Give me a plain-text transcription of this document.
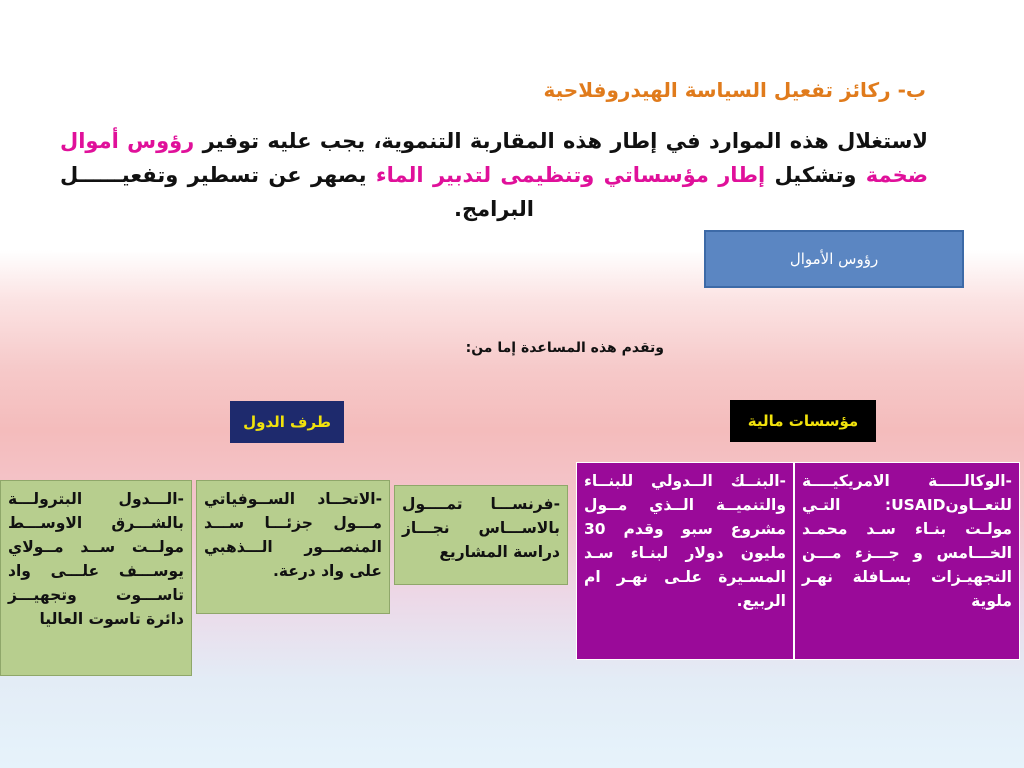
ب- ركائز تفعيل السياسة الهيدروفلاحية
لاستغلال هذه الموارد في إطار هذه المقاربة التنموية، يجب عليه توفير رؤوس أموال ضخمة وتشكيل إطار مؤسساتي وتنظيمى لتدبير الماء يصهر عن تسطير وتفعيــــــل البرامج.
رؤوس الأموال
وتقدم هذه المساعدة إما من:
مؤسسات مالية
طرف الدول
-الوكالـــــة الامريكيــــة للتعــاونUSAID: التـي مولـت بنـاء سـد محمـد الخـــامس و جـــزء مـــن التجهيـزات بسـافلة نهـر ملوية
-البنــك الــدولي للبنــاء والتنميــة الــذي مــول مشروع سبو وقدم 30 مليون دولار لبنـاء سـد المسـيرة علـى نهـر ام الربيع.
-فرنســـا تمــــول بالاســـاس نجـــاز دراسة المشاريع
-الاتحــاد الســوفياتي مـــول جزئـــا ســـد المنصـــور الـــذهبي على واد درعة.
-الـــدول البترولـــة بالشـــرق الاوســـط مولــت ســد مــولاي يوســـف علـــى واد تاســـوت وتجهيـــز دائرة تاسوت العاليا
